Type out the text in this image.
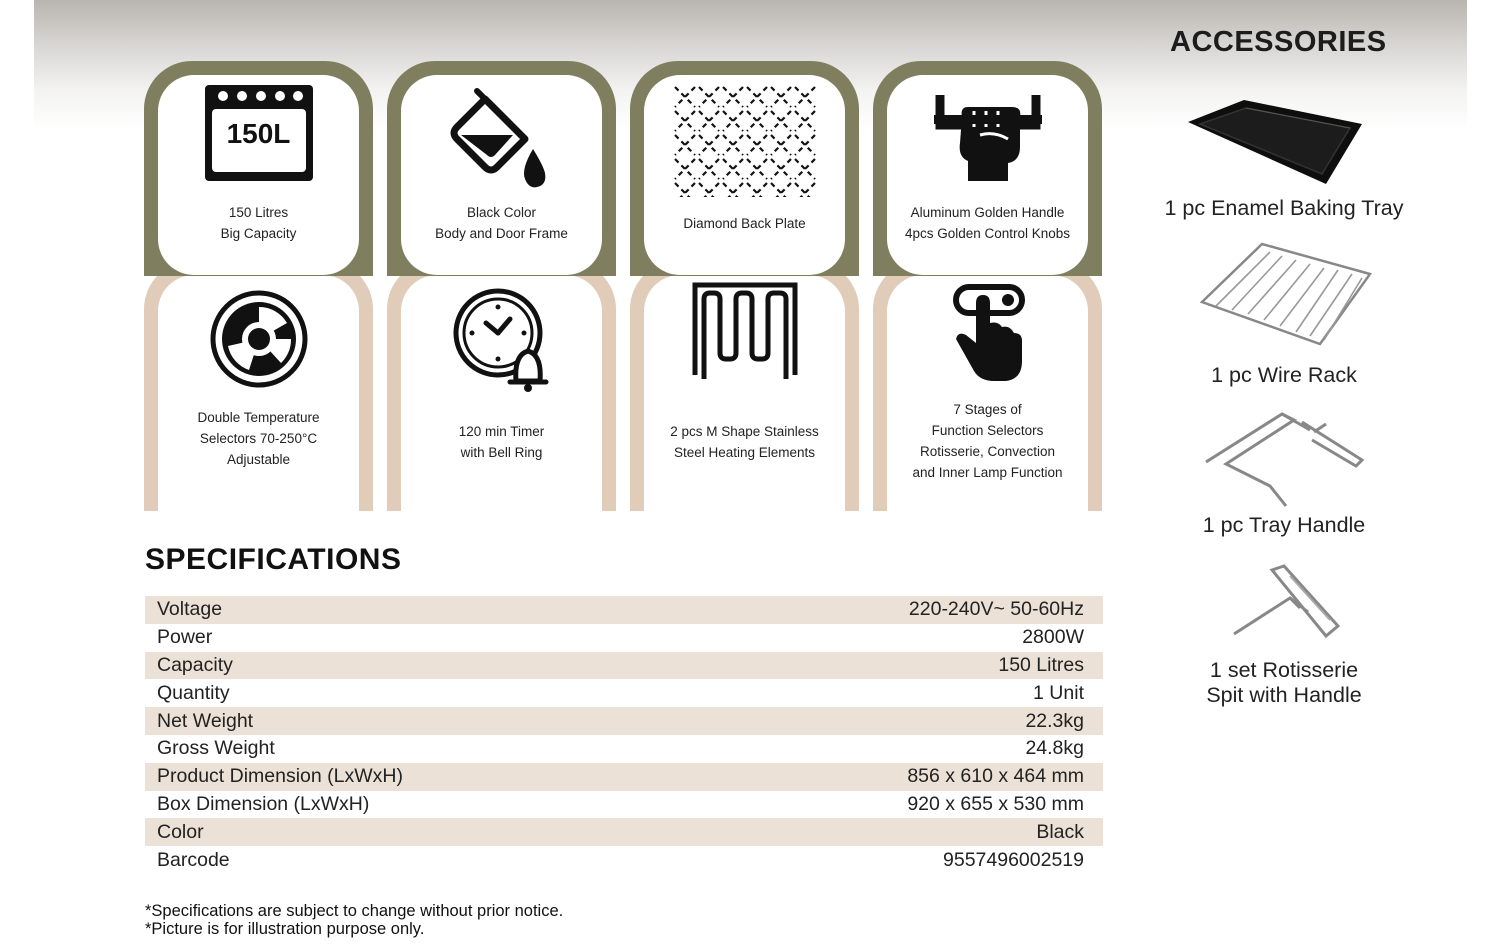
Double Temperature
Selectors 70-250°C
Adjustable
120 min Timer
with Bell Ring
2 pcs M Shape Stainless
Steel Heating Elements
7 Stages of
Function Selectors
Rotisserie, Convection
and Inner Lamp Function
150L
150 Litres
Big Capacity
Black Color
Body and Door Frame
Diamond Back Plate
Aluminum Golden Handle
4pcs Golden Control Knobs
SPECIFICATIONS
Voltage	220-240V~ 50-60Hz
Power	2800W
Capacity	150 Litres
Quantity	1 Unit
Net Weight	22.3kg
Gross Weight	24.8kg
Product Dimension (LxWxH)	856 x 610 x 464 mm
Box Dimension (LxWxH)	920 x 655 x 530 mm
Color	Black
Barcode	9557496002519
*Specifications are subject to change without prior notice.
*Picture is for illustration purpose only.
ACCESSORIES
1 pc Enamel Baking Tray
1 pc Wire Rack
1 pc Tray Handle
1 set Rotisserie
Spit with Handle
